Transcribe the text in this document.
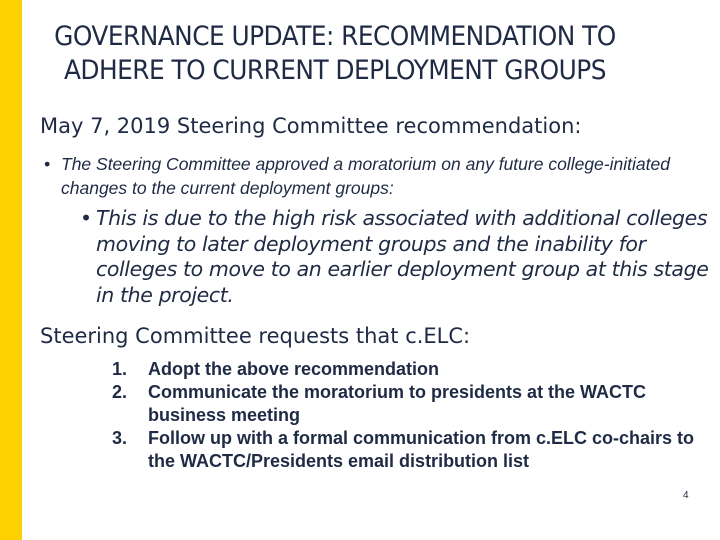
GOVERNANCE UPDATE: RECOMMENDATION TO
ADHERE TO CURRENT DEPLOYMENT GROUPS
May 7, 2019 Steering Committee recommendation:
• The Steering Committee approved a moratorium on any future college-initiated changes to the current deployment groups:
• This is due to the high risk associated with additional colleges moving to later deployment groups and the inability for colleges to move to an earlier deployment group at this stage in the project.
Steering Committee requests that c.ELC:
1. Adopt the above recommendation
2. Communicate the moratorium to presidents at the WACTC business meeting
3. Follow up with a formal communication from c.ELC co-chairs to the WACTC/Presidents email distribution list
4
